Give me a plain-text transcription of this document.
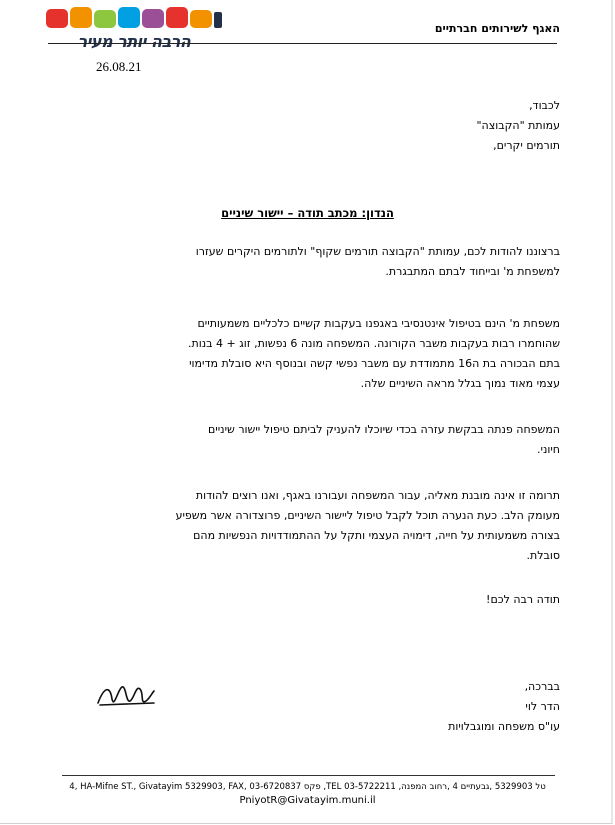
הרבה יותר מעיר
האגף לשירותים חברתיים
26.08.21
לכבוד,
עמותת "הקבוצה"
תורמים יקרים,
הנדון: מכתב תודה – יישור שיניים
ברצוננו להודות לכם, עמותת "הקבוצה תורמים שקוף" ולתורמים היקרים שעזרו
למשפחת מ' ובייחוד לבתם המתבגרת.
משפחת מ' הינם בטיפול אינטנסיבי באגפנו בעקבות קשיים כלכליים משמעותיים
שהוחמרו רבות בעקבות משבר הקורונה. המשפחה מונה 6 נפשות, זוג + 4 בנות.
בתם הבכורה בת ה16 מתמודדת עם משבר נפשי קשה ובנוסף היא סובלת מדימוי
עצמי מאוד נמוך בגלל מראה השיניים שלה.
המשפחה פנתה בבקשת עזרה בכדי שיוכלו להעניק לביתם טיפול יישור שיניים
חיוני.
תרומה זו אינה מובנת מאליה, עבור המשפחה ועבורנו באגף, ואנו רוצים להודות
מעומק הלב. כעת הנערה תוכל לקבל טיפול ליישור השיניים, פרוצדורה אשר משפיע
בצורה משמעותית על חייה, דימויה העצמי ותקל על ההתמודדויות הנפשיות מהם
סובלת.
תודה רבה לכם!
בברכה,
הדר לוי
עו"ס משפחה ומוגבלויות
4, HA-Mifne ST., Givatayim 5329903, FAX, 03-6720837 פקס ,TEL 03-5722211 ,טל 5329903 ,גבעתיים 4 ,רחוב המפנה
PniyotR@Givatayim.muni.il
